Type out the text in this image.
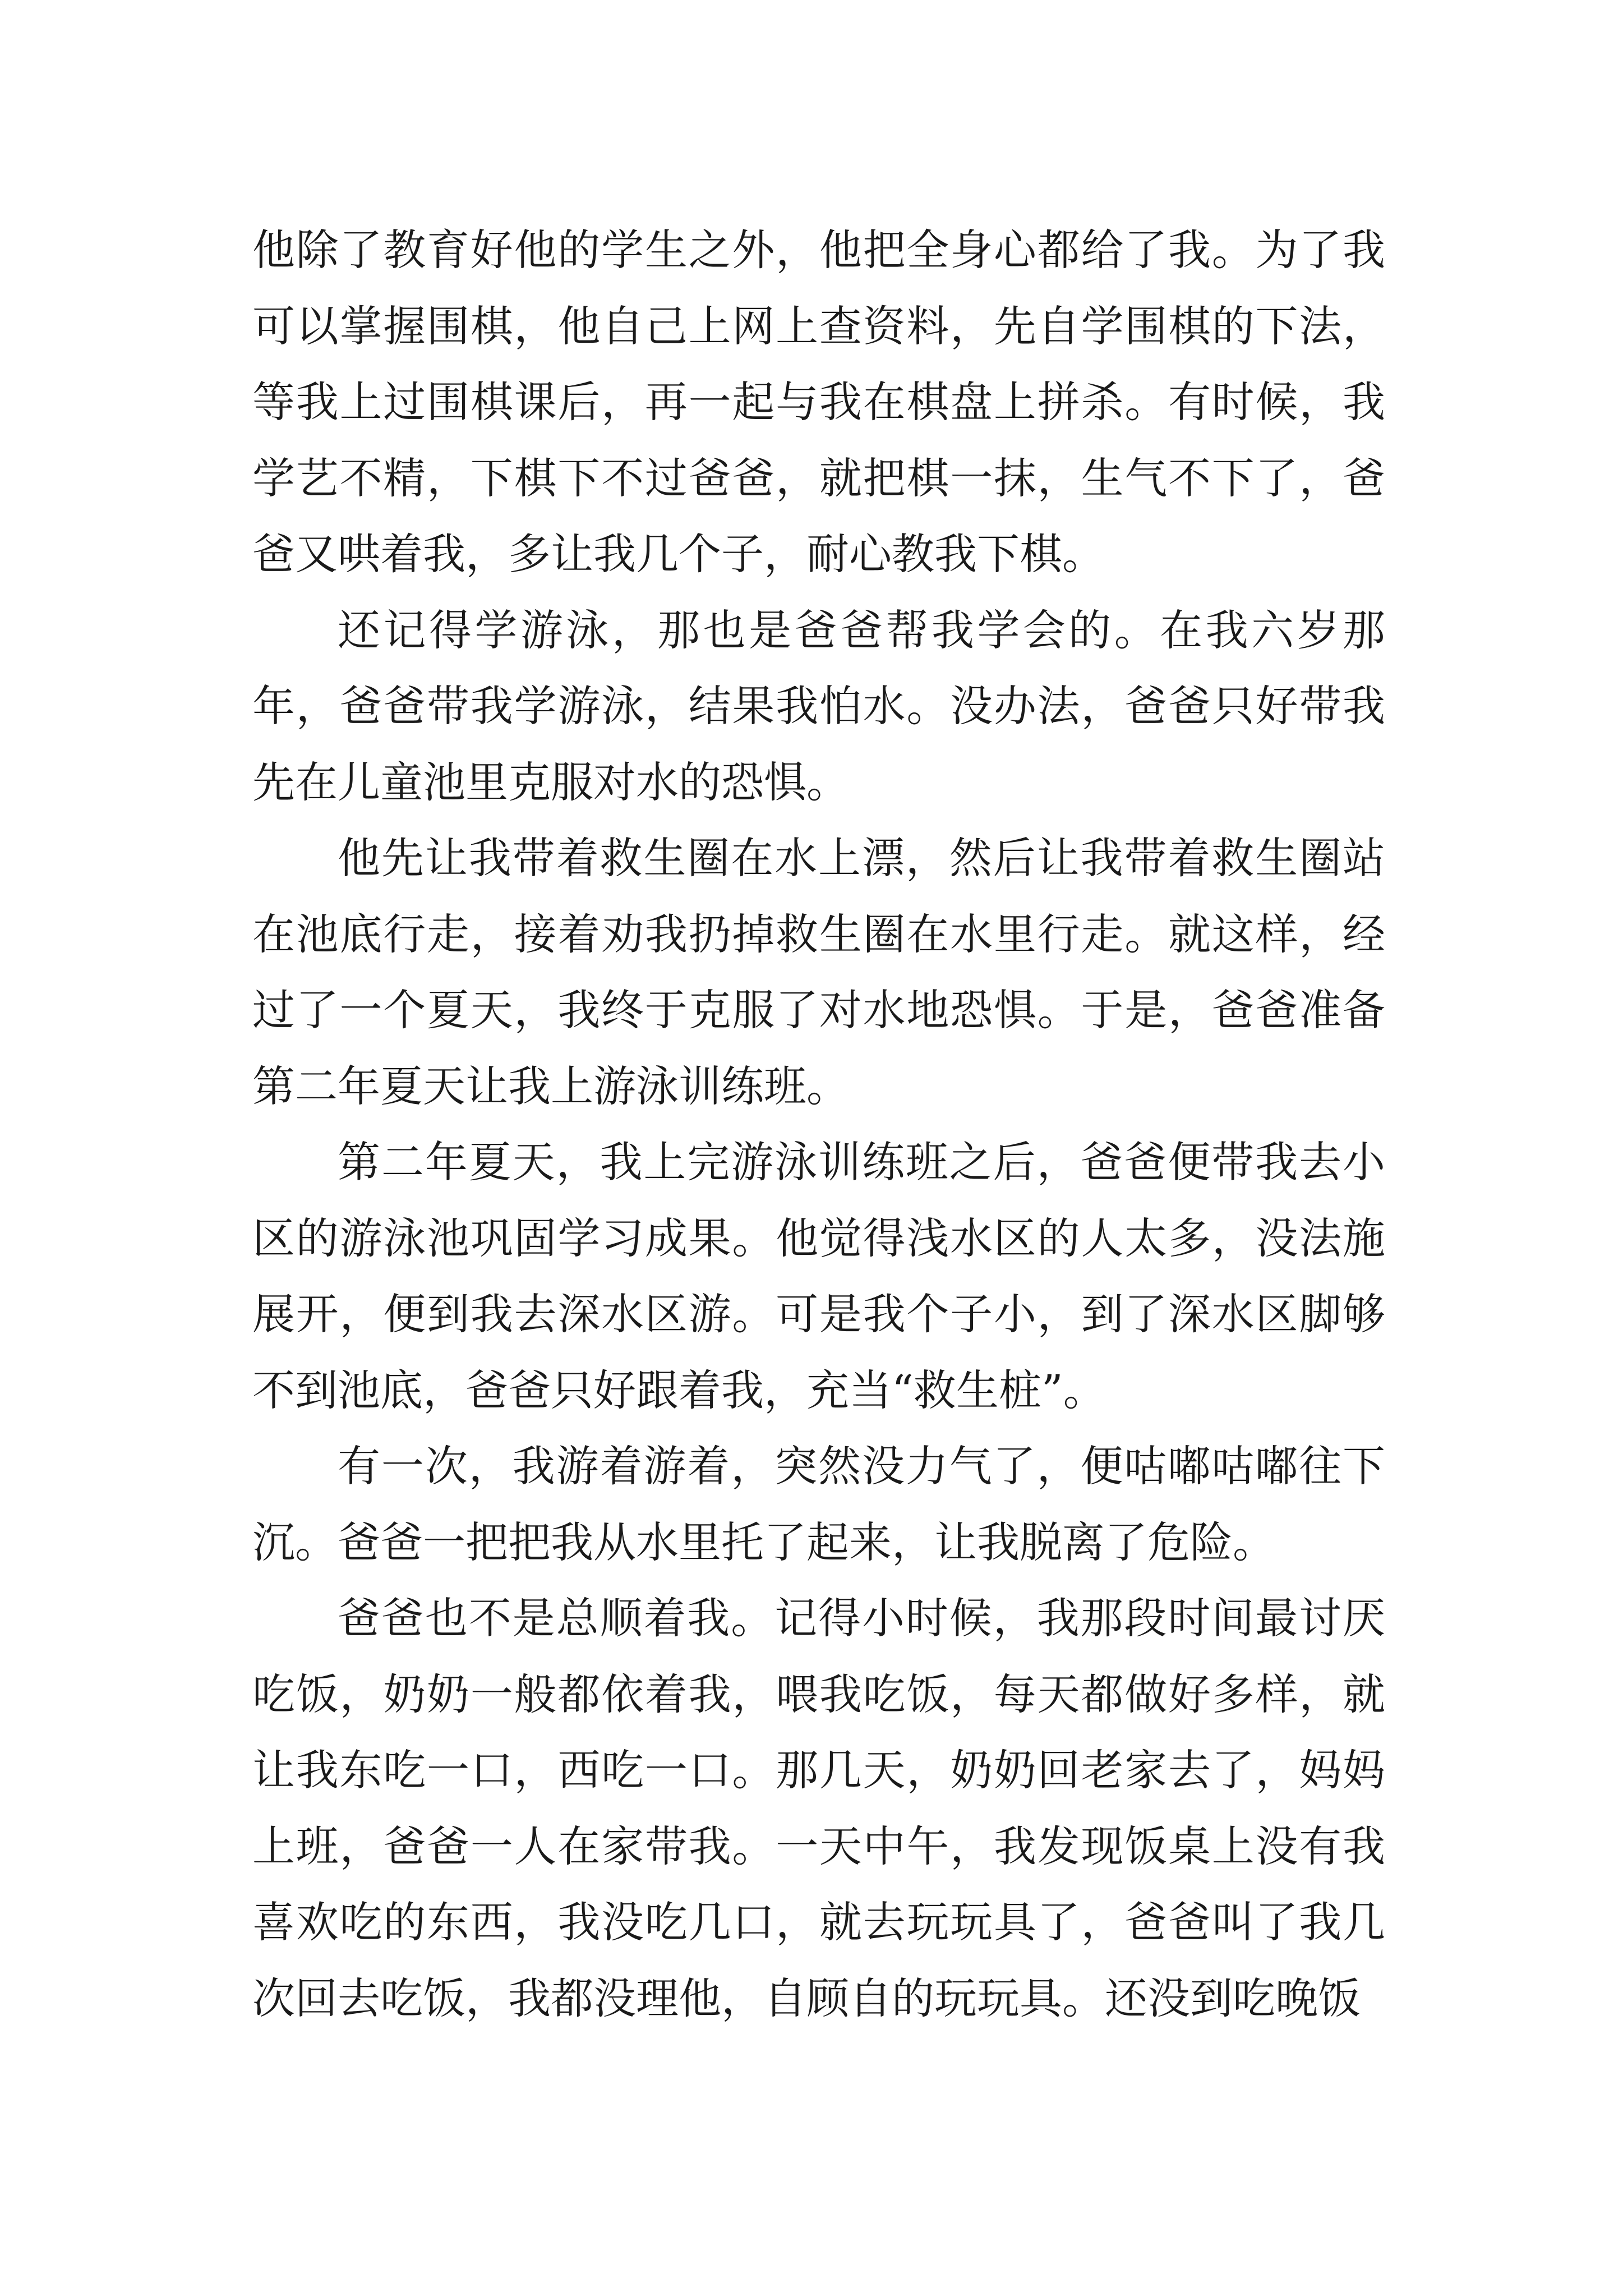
他除了教育好他的学生之外，他把全身心都给了我。为了我可以掌握围棋，他自己上网上查资料，先自学围棋的下法，等我上过围棋课后，再一起与我在棋盘上拼杀。有时候，我学艺不精，下棋下不过爸爸，就把棋一抹，生气不下了，爸爸又哄着我，多让我几个子，耐心教我下棋。

还记得学游泳，那也是爸爸帮我学会的。在我六岁那年，爸爸带我学游泳，结果我怕水。没办法，爸爸只好带我先在儿童池里克服对水的恐惧。

他先让我带着救生圈在水上漂，然后让我带着救生圈站在池底行走，接着劝我扔掉救生圈在水里行走。就这样，经过了一个夏天，我终于克服了对水地恐惧。于是，爸爸准备第二年夏天让我上游泳训练班。

第二年夏天，我上完游泳训练班之后，爸爸便带我去小区的游泳池巩固学习成果。他觉得浅水区的人太多，没法施展开，便到我去深水区游。可是我个子小，到了深水区脚够不到池底，爸爸只好跟着我，充当“救生桩”。

有一次，我游着游着，突然没力气了，便咕嘟咕嘟往下沉。爸爸一把把我从水里托了起来，让我脱离了危险。

爸爸也不是总顺着我。记得小时候，我那段时间最讨厌吃饭，奶奶一般都依着我，喂我吃饭，每天都做好多样，就让我东吃一口，西吃一口。那几天，奶奶回老家去了，妈妈上班，爸爸一人在家带我。一天中午，我发现饭桌上没有我喜欢吃的东西，我没吃几口，就去玩玩具了，爸爸叫了我几次回去吃饭，我都没理他，自顾自的玩玩具。还没到吃晚饭
